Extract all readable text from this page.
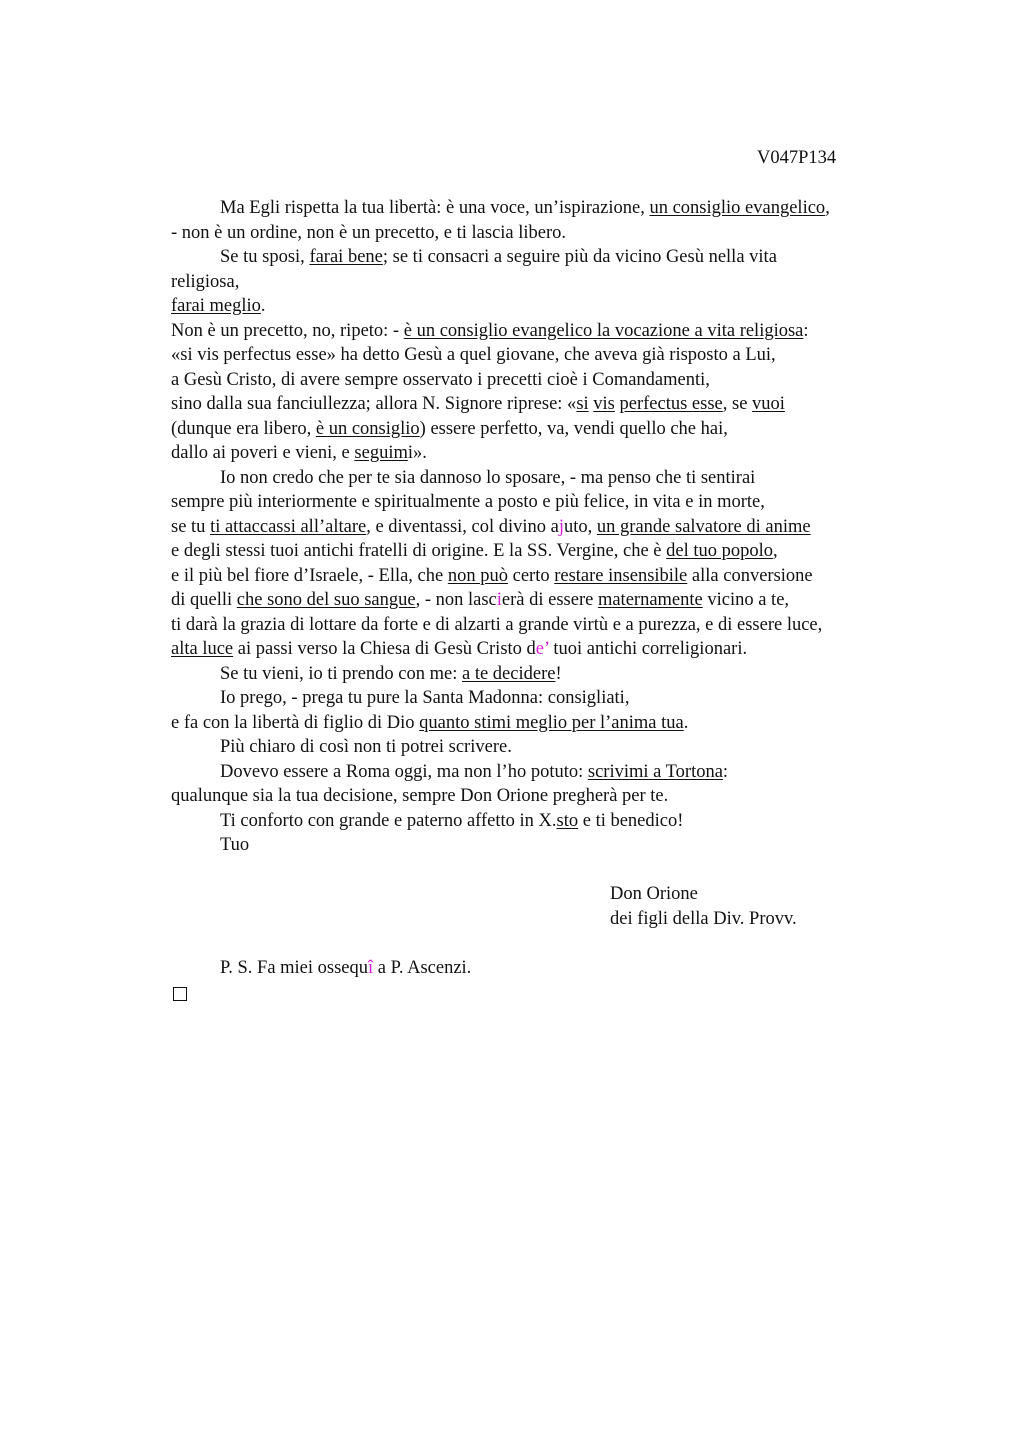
V047P134
Ma Egli rispetta la tua libertà: è una voce, un’ispirazione, un consiglio evangelico,
- non è un ordine, non è un precetto, e ti lascia libero.
Se tu sposi, farai bene; se ti consacri a seguire più da vicino Gesù nella vita
religiosa,
farai meglio.
Non è un precetto, no, ripeto: - è un consiglio evangelico la vocazione a vita religiosa:
«si vis perfectus esse» ha detto Gesù a quel giovane, che aveva già risposto a Lui,
a Gesù Cristo, di avere sempre osservato i precetti cioè i Comandamenti,
sino dalla sua fanciullezza; allora N. Signore riprese: «si vis perfectus esse, se vuoi
(dunque era libero, è un consiglio) essere perfetto, va, vendi quello che hai,
dallo ai poveri e vieni, e seguimi».
Io non credo che per te sia dannoso lo sposare, - ma penso che ti sentirai
sempre più interiormente e spiritualmente a posto e più felice, in vita e in morte,
se tu ti attaccassi all’altare, e diventassi, col divino ajuto, un grande salvatore di anime
e degli stessi tuoi antichi fratelli di origine. E la SS. Vergine, che è del tuo popolo,
e il più bel fiore d’Israele, - Ella, che non può certo restare insensibile alla conversione
di quelli che sono del suo sangue, - non lascierà di essere maternamente vicino a te,
ti darà la grazia di lottare da forte e di alzarti a grande virtù e a purezza, e di essere luce,
alta luce ai passi verso la Chiesa di Gesù Cristo de’ tuoi antichi correligionari.
Se tu vieni, io ti prendo con me: a te decidere!
Io prego, - prega tu pure la Santa Madonna: consigliati,
e fa con la libertà di figlio di Dio quanto stimi meglio per l’anima tua.
Più chiaro di così non ti potrei scrivere.
Dovevo essere a Roma oggi, ma non l’ho potuto: scrivimi a Tortona:
qualunque sia la tua decisione, sempre Don Orione pregherà per te.
Ti conforto con grande e paterno affetto in X.sto e ti benedico!
Tuo
Don Orione
dei figli della Div. Provv.
P. S. Fa miei ossequî a P. Ascenzi.
